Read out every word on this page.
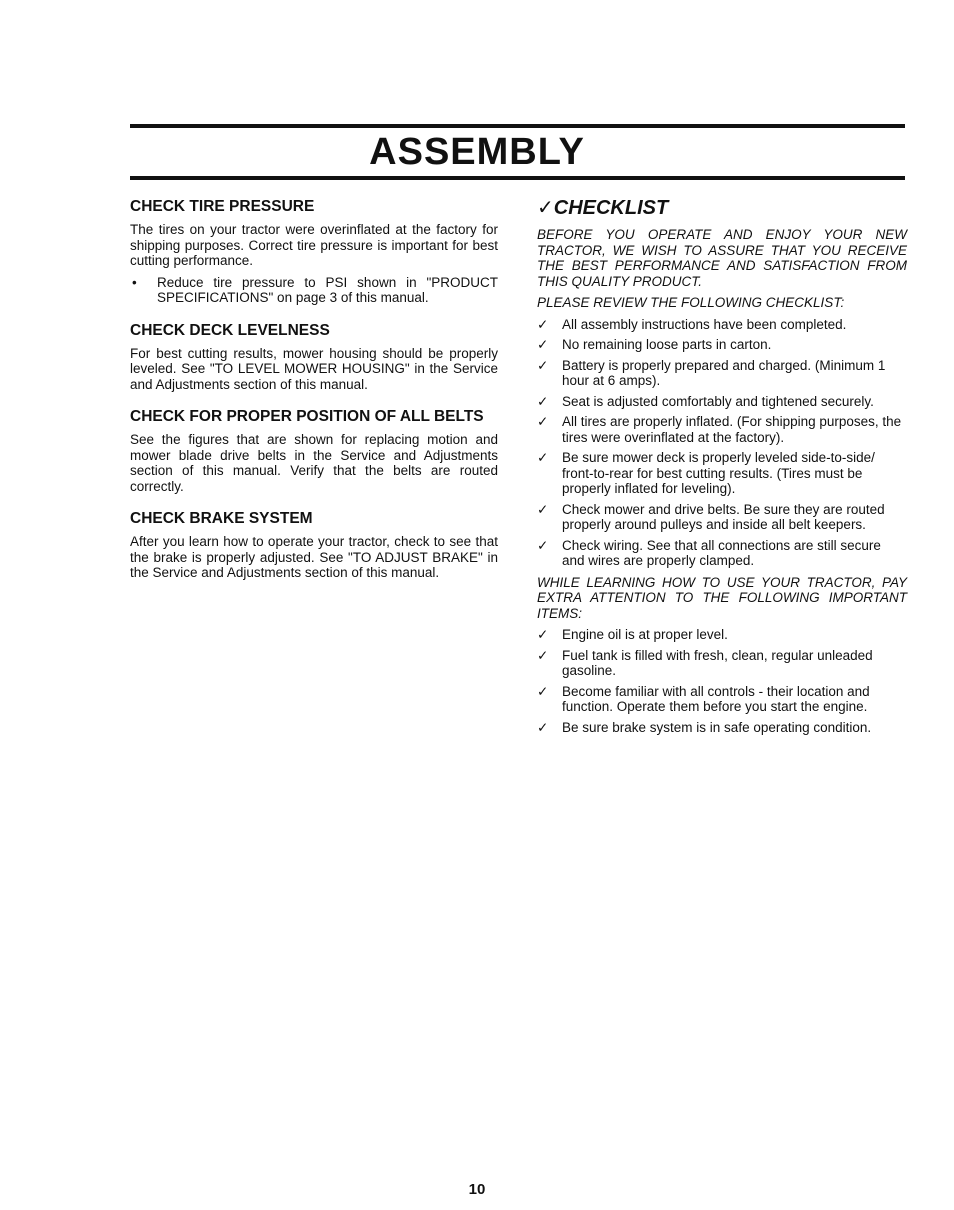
ASSEMBLY
CHECK TIRE PRESSURE

The tires on your tractor were overinflated at the factory for shipping purposes. Correct tire pressure is important for best cutting performance.

•	Reduce tire pressure to PSI shown in "PRODUCT SPECIFICATIONS" on page 3 of this manual.

CHECK DECK LEVELNESS

For best cutting results, mower housing should be properly leveled. See "TO LEVEL MOWER HOUSING" in the Service and Adjustments section of this manual.

CHECK FOR PROPER POSITION OF ALL BELTS

See the figures that are shown for replacing motion and mower blade drive belts in the Service and Adjustments section of this manual. Verify that the belts are routed correctly.

CHECK BRAKE SYSTEM

After you learn how to operate your tractor, check to see that the brake is properly adjusted. See "TO ADJUST BRAKE" in the Service and Adjustments section of this manual.

✓CHECKLIST

BEFORE YOU OPERATE AND ENJOY YOUR NEW TRACTOR, WE WISH TO ASSURE THAT YOU RECEIVE THE BEST PERFORMANCE AND SATISFACTION FROM THIS QUALITY PRODUCT.

PLEASE REVIEW THE FOLLOWING CHECKLIST:

✓	All assembly instructions have been completed.
✓	No remaining loose parts in carton.
✓	Battery is properly prepared and charged. (Minimum 1 hour at 6 amps).
✓	Seat is adjusted comfortably and tightened securely.
✓	All tires are properly inflated. (For shipping purposes, the tires were overinflated at the factory).
✓	Be sure mower deck is properly leveled side-to-side/ front-to-rear for best cutting results. (Tires must be properly inflated for leveling).
✓	Check mower and drive belts. Be sure they are routed properly around pulleys and inside all belt keepers.
✓	Check wiring. See that all connections are still secure and wires are properly clamped.

WHILE LEARNING HOW TO USE YOUR TRACTOR, PAY EXTRA ATTENTION TO THE FOLLOWING IMPORTANT ITEMS:

✓	Engine oil is at proper level.
✓	Fuel tank is filled with fresh, clean, regular unleaded gasoline.
✓	Become familiar with all controls - their location and function. Operate them before you start the engine.
✓	Be sure brake system is in safe operating condition.
10
